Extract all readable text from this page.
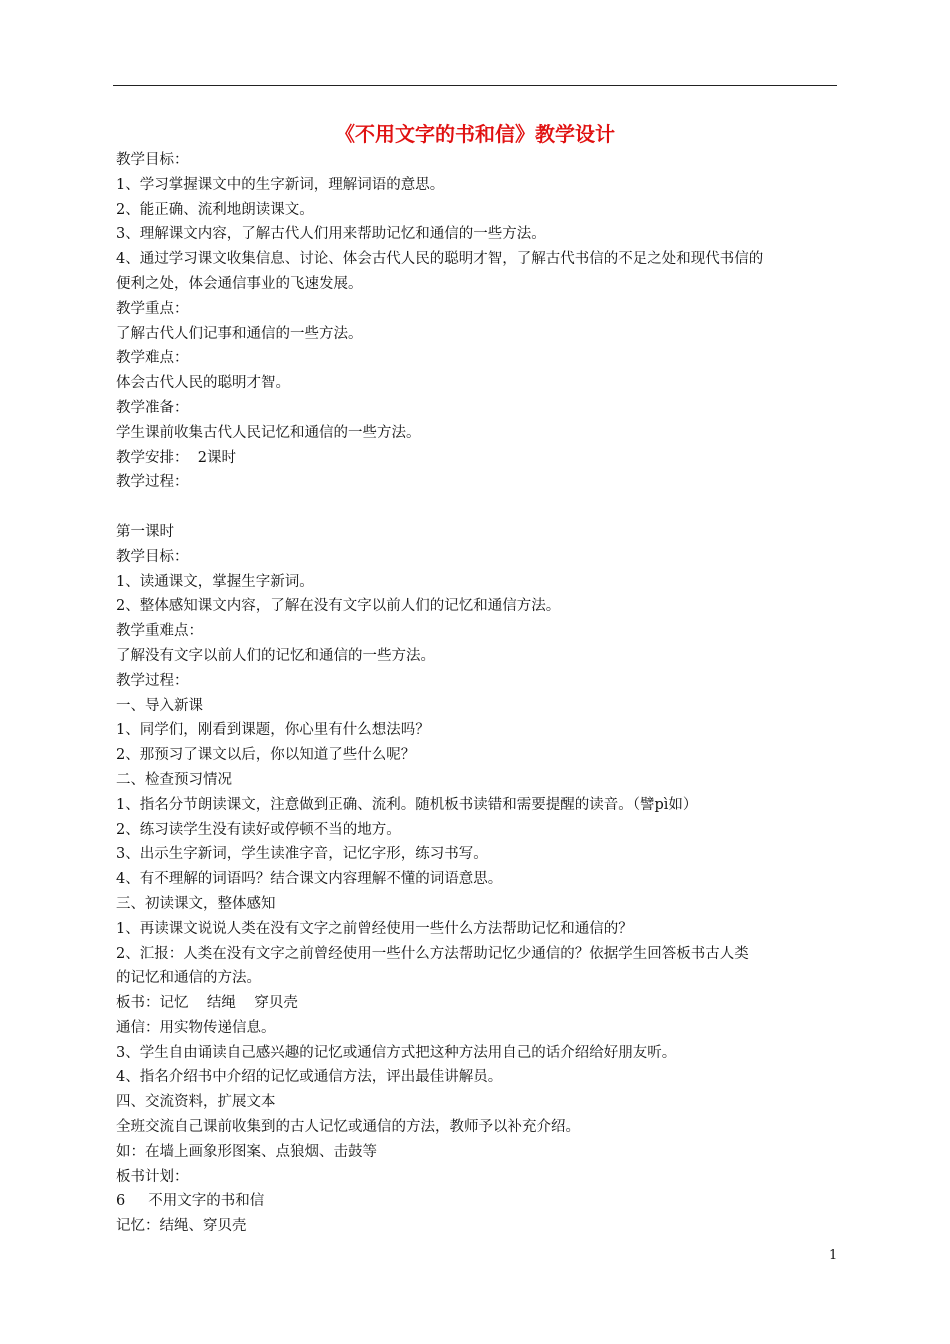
《不用文字的书和信》教学设计

教学目标：

1、学习掌握课文中的生字新词，理解词语的意思。

2、能正确、流利地朗读课文。

3、理解课文内容，了解古代人们用来帮助记忆和通信的一些方法。

4、通过学习课文收集信息、讨论、体会古代人民的聪明才智，了解古代书信的不足之处和现代书信的

便利之处，体会通信事业的飞速发展。

教学重点：

了解古代人们记事和通信的一些方法。

教学难点：

体会古代人民的聪明才智。

教学准备：

学生课前收集古代人民记忆和通信的一些方法。

教学安排：  2课时

教学过程：

第一课时

教学目标：

1、读通课文，掌握生字新词。

2、整体感知课文内容，了解在没有文字以前人们的记忆和通信方法。

教学重难点：

了解没有文字以前人们的记忆和通信的一些方法。

教学过程：

一、导入新课

1、同学们，刚看到课题，你心里有什么想法吗？

2、那预习了课文以后，你以知道了些什么呢？

二、检查预习情况

1、指名分节朗读课文，注意做到正确、流利。随机板书读错和需要提醒的读音。（譬pì如）

2、练习读学生没有读好或停顿不当的地方。

3、出示生字新词，学生读准字音，记忆字形，练习书写。

4、有不理解的词语吗？结合课文内容理解不懂的词语意思。

三、初读课文，整体感知

1、再读课文说说人类在没有文字之前曾经使用一些什么方法帮助记忆和通信的？

2、汇报：人类在没有文字之前曾经使用一些什么方法帮助记忆少通信的？依据学生回答板书古人类

的记忆和通信的方法。

板书：记忆    结绳    穿贝壳

通信：用实物传递信息。

3、学生自由诵读自己感兴趣的记忆或通信方式把这种方法用自己的话介绍给好朋友听。

4、指名介绍书中介绍的记忆或通信方法，评出最佳讲解员。

四、交流资料，扩展文本

全班交流自己课前收集到的古人记忆或通信的方法，教师予以补充介绍。

如：在墙上画象形图案、点狼烟、击鼓等

板书计划：

6     不用文字的书和信

记忆：结绳、穿贝壳

1
